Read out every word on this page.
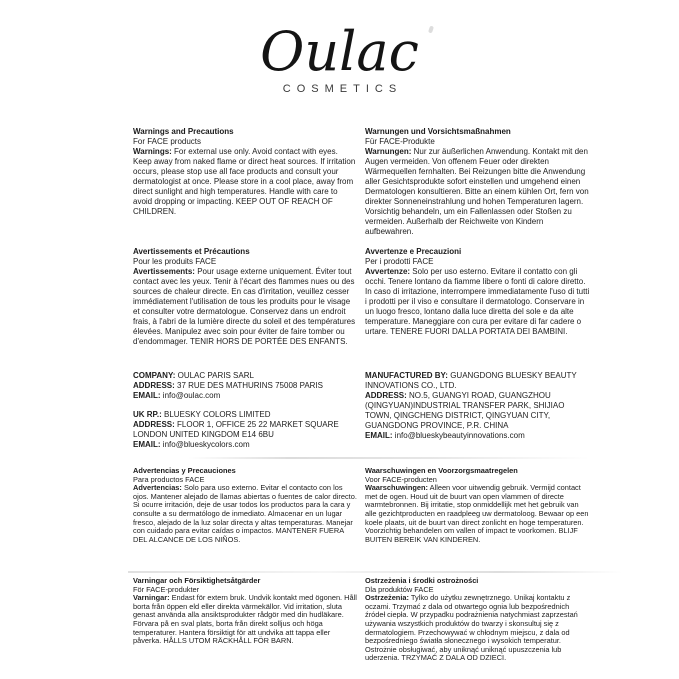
Oulac
COSMETICS
Warnings and Precautions

For FACE products

Warnings: For external use only. Avoid contact with eyes. Keep away from naked flame or direct heat sources. If irritation occurs, please stop use all face products and consult your dermatologist at once. Please store in a cool place, away from direct sunlight and high temperatures. Handle with care to avoid dropping or impacting. KEEP OUT OF REACH OF CHILDREN.

Warnungen und Vorsichtsmaßnahmen

Für FACE-Produkte

Warnungen: Nur zur äußerlichen Anwendung. Kontakt mit den Augen vermeiden. Von offenem Feuer oder direkten Wärmequellen fernhalten. Bei Reizungen bitte die Anwendung aller Gesichtsprodukte sofort einstellen und umgehend einen Dermatologen konsultieren. Bitte an einem kühlen Ort, fern von direkter Sonneneinstrahlung und hohen Temperaturen lagern. Vorsichtig behandeln, um ein Fallenlassen oder Stoßen zu vermeiden. Außerhalb der Reichweite von Kindern aufbewahren.

Avertissements et Précautions

Pour les produits FACE

Avertissements: Pour usage externe uniquement. Éviter tout contact avec les yeux. Tenir à l'écart des flammes nues ou des sources de chaleur directe. En cas d'irritation, veuillez cesser immédiatement l'utilisation de tous les produits pour le visage et consulter votre dermatologue. Conservez dans un endroit frais, à l'abri de la lumière directe du soleil et des températures élevées. Manipulez avec soin pour éviter de faire tomber ou d'endommager. TENIR HORS DE PORTÉE DES ENFANTS.

Avvertenze e Precauzioni

Per i prodotti FACE

Avvertenze: Solo per uso esterno. Evitare il contatto con gli occhi. Tenere lontano da fiamme libere o fonti di calore diretto. In caso di irritazione, interrompere immediatamente l'uso di tutti i prodotti per il viso e consultare il dermatologo. Conservare in un luogo fresco, lontano dalla luce diretta del sole e da alte temperature. Maneggiare con cura per evitare di far cadere o urtare. TENERE FUORI DALLA PORTATA DEI BAMBINI.

COMPANY: OULAC PARIS SARL

ADDRESS: 37 RUE DES MATHURINS 75008 PARIS

EMAIL: info@oulac.com

UK RP.: BLUESKY COLORS LIMITED

ADDRESS: FLOOR 1, OFFICE 25 22 MARKET SQUARE LONDON UNITED KINGDOM E14 6BU

EMAIL: info@blueskycolors.com

MANUFACTURED BY: GUANGDONG BLUESKY BEAUTY INNOVATIONS CO., LTD.

ADDRESS: NO.5, GUANGYI ROAD, GUANGZHOU (QINGYUAN)INDUSTRIAL TRANSFER PARK, SHIJIAO TOWN, QINGCHENG DISTRICT, QINGYUAN CITY, GUANGDONG PROVINCE, P.R. CHINA

EMAIL: info@blueskybeautyinnovations.com

Advertencias y Precauciones

Para productos FACE

Advertencias: Solo para uso externo. Evitar el contacto con los ojos. Mantener alejado de llamas abiertas o fuentes de calor directo. Si ocurre irritación, deje de usar todos los productos para la cara y consulte a su dermatólogo de inmediato. Almacenar en un lugar fresco, alejado de la luz solar directa y altas temperaturas. Manejar con cuidado para evitar caídas o impactos. MANTENER FUERA DEL ALCANCE DE LOS NIÑOS.

Waarschuwingen en Voorzorgsmaatregelen

Voor FACE-producten

Waarschuwingen: Alleen voor uitwendig gebruik. Vermijd contact met de ogen. Houd uit de buurt van open vlammen of directe warmtebronnen. Bij irritatie, stop onmiddellijk met het gebruik van alle gezichtproducten en raadpleeg uw dermatoloog. Bewaar op een koele plaats, uit de buurt van direct zonlicht en hoge temperaturen. Voorzichtig behandelen om vallen of impact te voorkomen. BLIJF BUITEN BEREIK VAN KINDEREN.

Varningar och Försiktighetsåtgärder

För FACE-produkter

Varningar: Endast för extern bruk. Undvik kontakt med ögonen. Håll borta från öppen eld eller direkta värmekällor. Vid irritation, sluta genast använda alla ansiktsprodukter rådgör med din hudläkare. Förvara på en sval plats, borta från direkt solljus och höga temperaturer. Hantera försiktigt för att undvika att tappa eller påverka. HÅLLS UTOM RÄCKHÅLL FÖR BARN.

Ostrzeżenia i środki ostrożności

Dla produktów FACE

Ostrzeżenia: Tylko do użytku zewnętrznego. Unikaj kontaktu z oczami. Trzymać z dala od otwartego ognia lub bezpośrednich źródeł ciepła. W przypadku podrażnienia natychmiast zaprzestań używania wszystkich produktów do twarzy i skonsultuj się z dermatologiem. Przechowywać w chłodnym miejscu, z dala od bezpośredniego światła słonecznego i wysokich temperatur. Ostrożnie obsługiwać, aby uniknąć uniknąć upuszczenia lub uderzenia. TRZYMAĆ Z DALA OD DZIECI.
